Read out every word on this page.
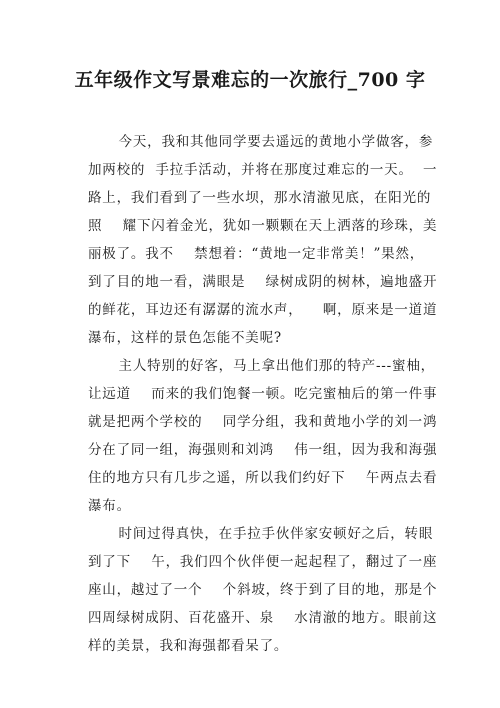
五年级作文写景难忘的一次旅行_700 字
今天，我和其他同学要去遥远的黄地小学做客，参
加两校的  手拉手活动，并将在那度过难忘的一天。  一
路上，我们看到了一些水坝，那水清澈见底，在阳光的
照    耀下闪着金光，犹如一颗颗在天上洒落的珍珠，美
丽极了。我不    禁想着：“黄地一定非常美！”果然，
到了目的地一看，满眼是    绿树成阴的树林，遍地盛开
的鲜花，耳边还有潺潺的流水声，    啊，原来是一道道
瀑布，这样的景色怎能不美呢?
主人特别的好客，马上拿出他们那的特产---蜜柚，
让远道    而来的我们饱餐一顿。吃完蜜柚后的第一件事
就是把两个学校的    同学分组，我和黄地小学的刘一鸿
分在了同一组，海强则和刘鸿    伟一组，因为我和海强
住的地方只有几步之遥，所以我们约好下    午两点去看
瀑布。
时间过得真快，在手拉手伙伴家安顿好之后，转眼
到了下    午，我们四个伙伴便一起起程了，翻过了一座
座山，越过了一个    个斜坡，终于到了目的地，那是个
四周绿树成阴、百花盛开、泉    水清澈的地方。眼前这
样的美景，我和海强都看呆了。
